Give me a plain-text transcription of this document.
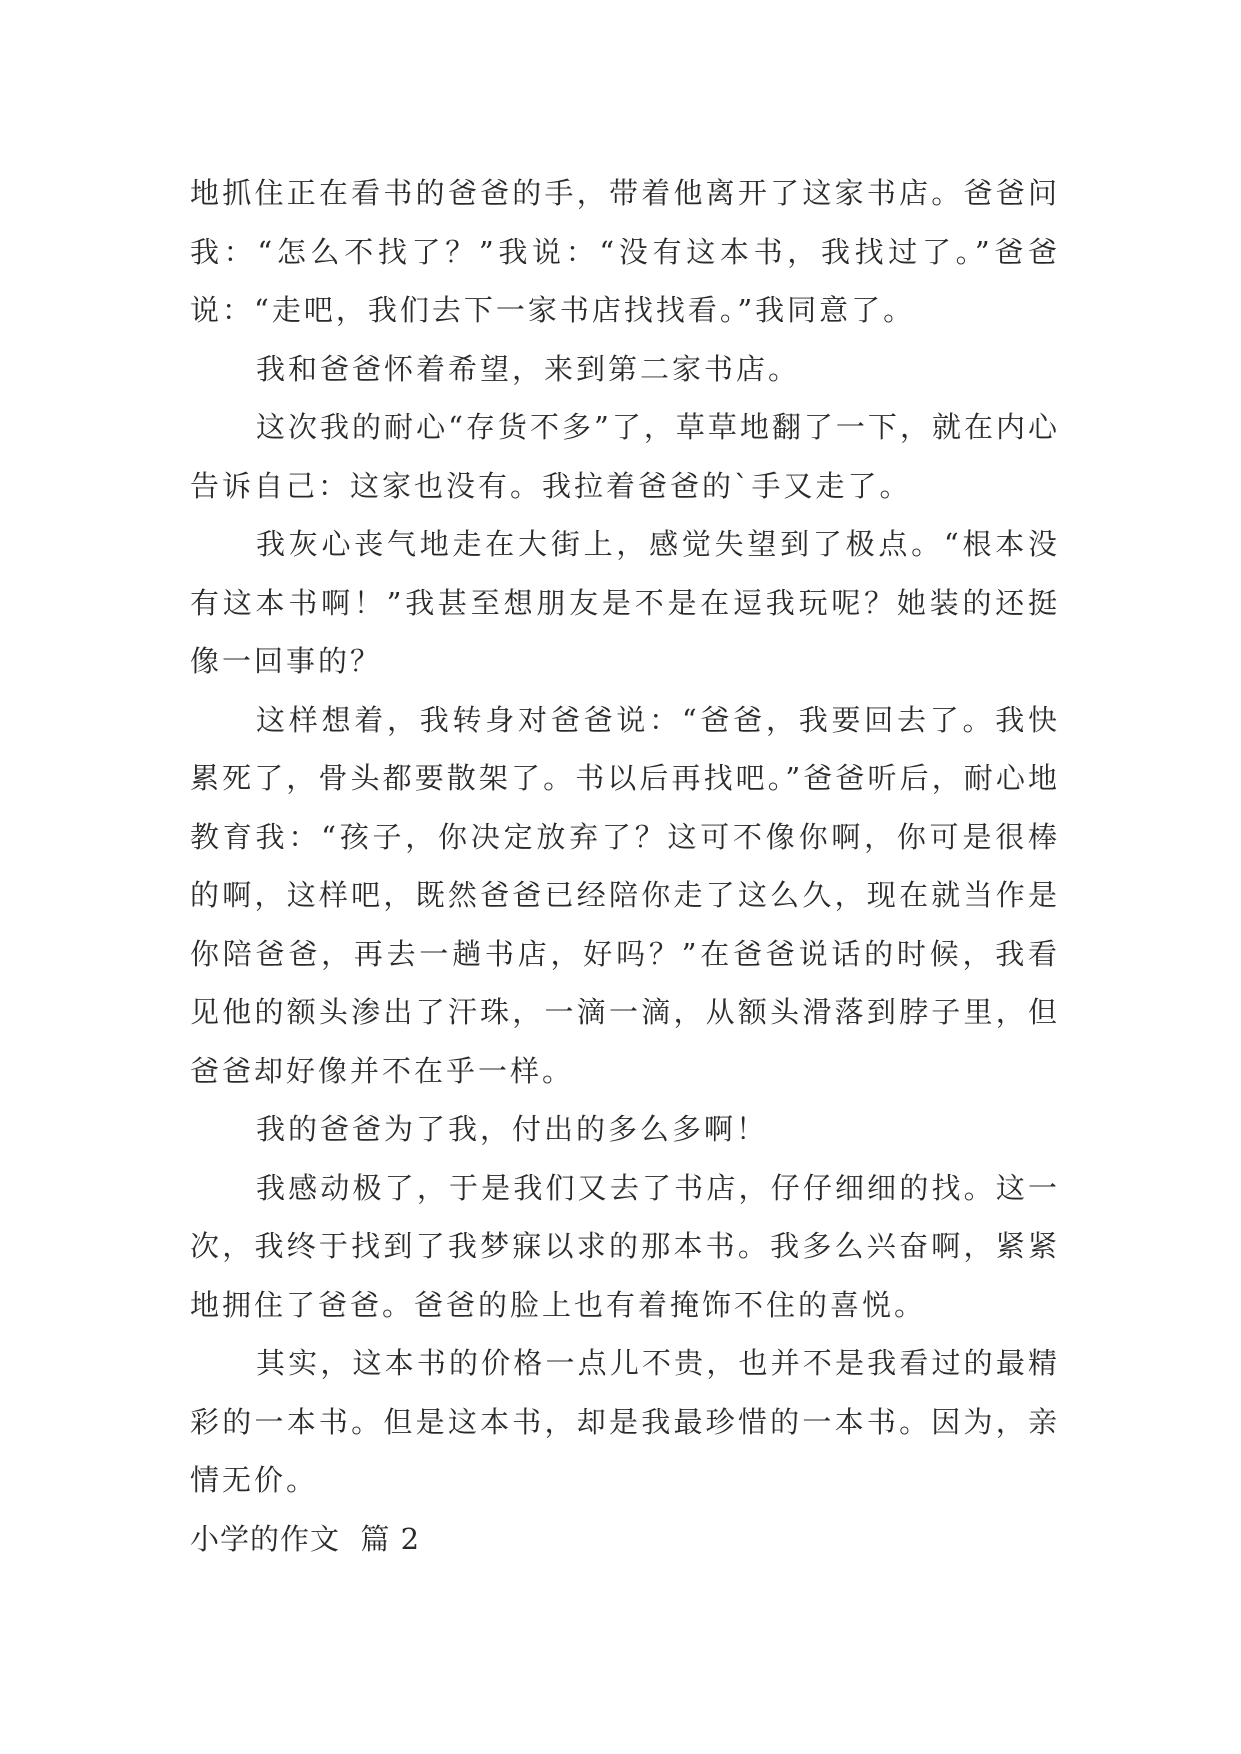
地抓住正在看书的爸爸的手，带着他离开了这家书店。爸爸问我：“怎么不找了？”我说：“没有这本书，我找过了。”爸爸说：“走吧，我们去下一家书店找找看。”我同意了。

我和爸爸怀着希望，来到第二家书店。

这次我的耐心“存货不多”了，草草地翻了一下，就在内心告诉自己：这家也没有。我拉着爸爸的`手又走了。

我灰心丧气地走在大街上，感觉失望到了极点。“根本没有这本书啊！”我甚至想朋友是不是在逗我玩呢？她装的还挺像一回事的？

这样想着，我转身对爸爸说：“爸爸，我要回去了。我快累死了，骨头都要散架了。书以后再找吧。”爸爸听后，耐心地教育我：“孩子，你决定放弃了？这可不像你啊，你可是很棒的啊，这样吧，既然爸爸已经陪你走了这么久，现在就当作是你陪爸爸，再去一趟书店，好吗？”在爸爸说话的时候，我看见他的额头渗出了汗珠，一滴一滴，从额头滑落到脖子里，但爸爸却好像并不在乎一样。

我的爸爸为了我，付出的多么多啊！

我感动极了，于是我们又去了书店，仔仔细细的找。这一次，我终于找到了我梦寐以求的那本书。我多么兴奋啊，紧紧地拥住了爸爸。爸爸的脸上也有着掩饰不住的喜悦。

其实，这本书的价格一点儿不贵，也并不是我看过的最精彩的一本书。但是这本书，却是我最珍惜的一本书。因为，亲情无价。

小学的作文  篇 2
